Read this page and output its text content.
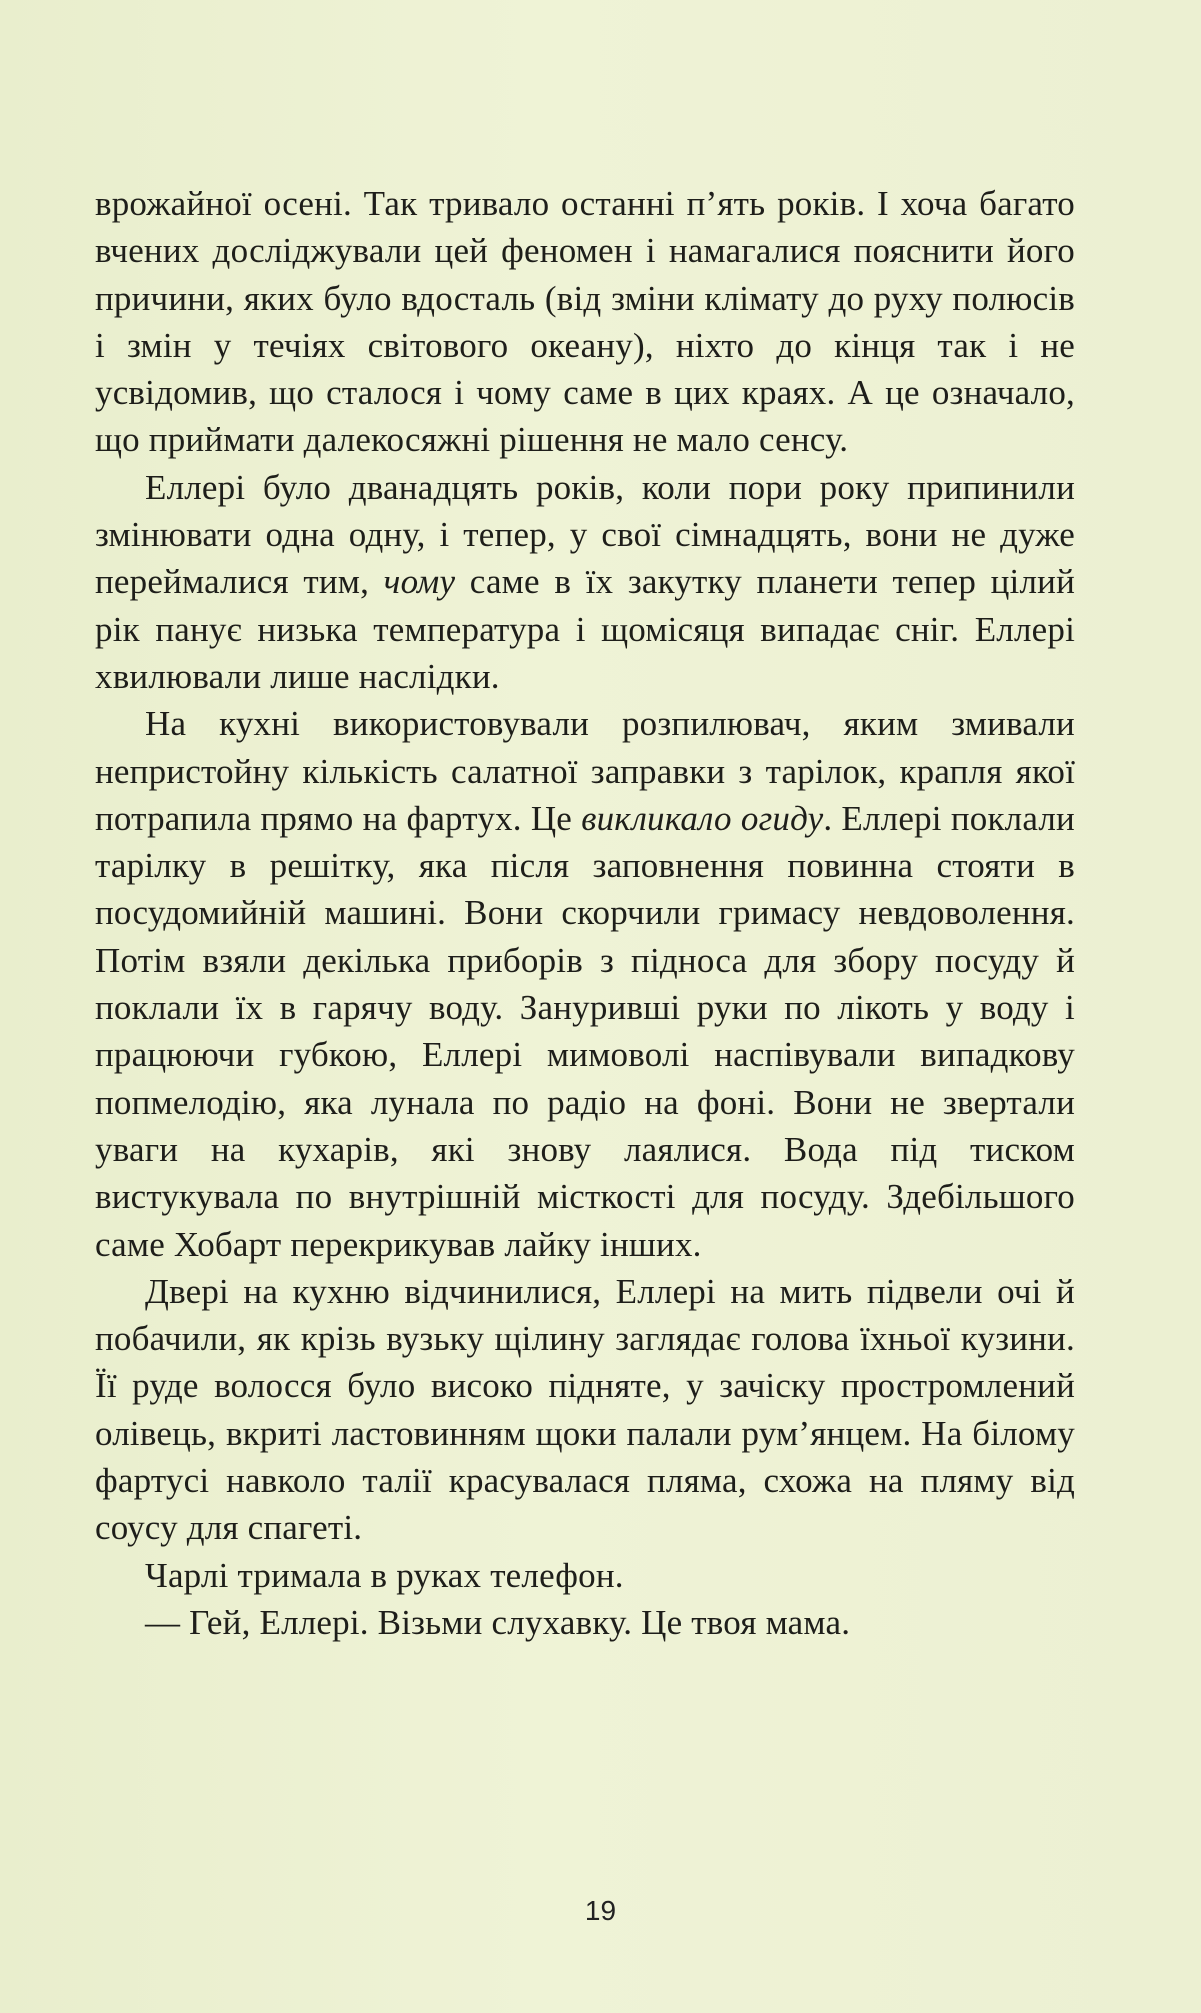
врожайної осені. Так тривало останні п’ять років. І хоча багато вчених досліджували цей феномен і намагалися пояснити його причини, яких було вдосталь (від зміни клімату до руху полюсів і змін у течіях світового океану), ніхто до кінця так і не усвідомив, що сталося і чому саме в цих краях. А це означало, що приймати далекосяжні рішення не мало сенсу.

Еллері було дванадцять років, коли пори року припинили змінювати одна одну, і тепер, у свої сімнадцять, вони не дуже переймалися тим, чому саме в їх закутку планети тепер цілий рік панує низька температура і щомісяця випадає сніг. Еллері хвилювали лише наслідки.

На кухні використовували розпилювач, яким змивали непристойну кількість салатної заправки з тарілок, крапля якої потрапила прямо на фартух. Це викликало огиду. Еллері поклали тарілку в решітку, яка після заповнення повинна стояти в посудомийній машині. Вони скорчили гримасу невдоволення. Потім взяли декілька приборів з підноса для збору посуду й поклали їх в гарячу воду. Занурившi руки по лікоть у воду і працюючи губкою, Еллері мимоволі наспівували випадкову попмелодію, яка лунала по радіо на фоні. Вони не звертали уваги на кухарів, які знову лаялися. Вода під тиском вистукувала по внутрішній місткості для посуду. Здебільшого саме Хобарт перекрикував лайку інших.

Двері на кухню відчинилися, Еллері на мить підвели очі й побачили, як крізь вузьку щілину заглядає голова їхньої кузини. Її руде волосся було високо підняте, у зачіску простромлений олівець, вкриті ластовинням щоки палали рум’янцем. На білому фартусі навколо талії красувалася пляма, схожа на пляму від соусу для спагеті.

Чарлі тримала в руках телефон.

— Гей, Еллері. Візьми слухавку. Це твоя мама.

19
